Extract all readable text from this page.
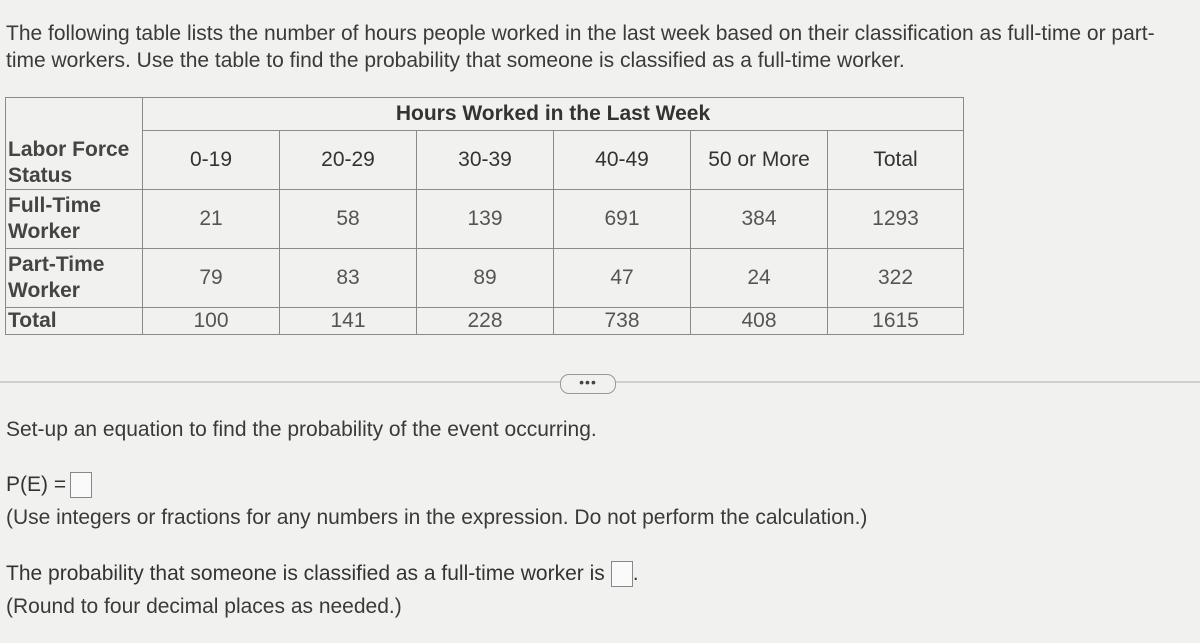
The following table lists the number of hours people worked in the last week based on their classification as full-time or part-time workers. Use the table to find the probability that someone is classified as a full-time worker.
Labor Force Status	Hours Worked in the Last Week					
	0-19	20-29	30-39	40-49	50 or More	Total
Full-Time Worker	21	58	139	691	384	1293
Part-Time Worker	79	83	89	47	24	322
Total	100	141	228	738	408	1615
•••
Set-up an equation to find the probability of the event occurring.
P(E) =
(Use integers or fractions for any numbers in the expression. Do not perform the calculation.)
The probability that someone is classified as a full-time worker is .
(Round to four decimal places as needed.)
